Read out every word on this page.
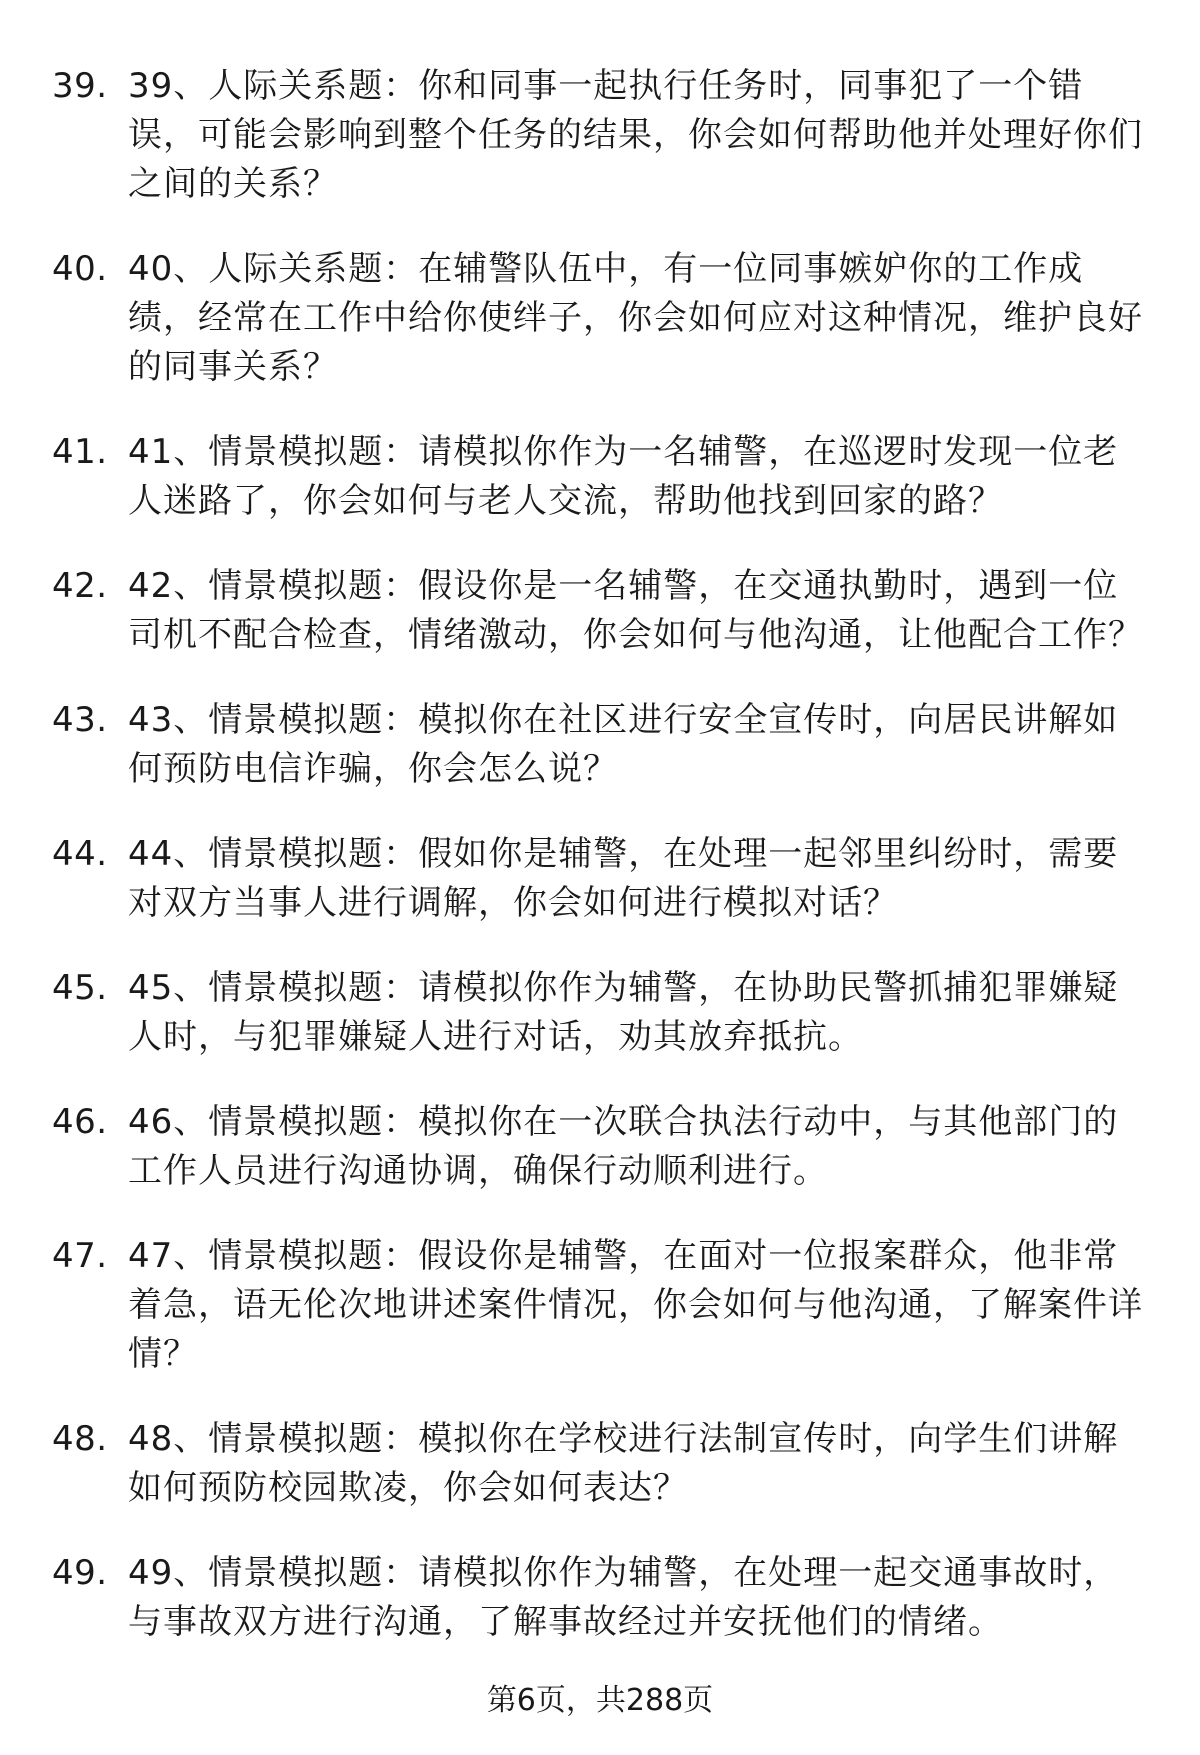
39. 39、人际关系题：你和同事一起执行任务时，同事犯了一个错误，可能会影响到整个任务的结果，你会如何帮助他并处理好你们之间的关系？
40. 40、人际关系题：在辅警队伍中，有一位同事嫉妒你的工作成绩，经常在工作中给你使绊子，你会如何应对这种情况，维护良好的同事关系？
41. 41、情景模拟题：请模拟你作为一名辅警，在巡逻时发现一位老人迷路了，你会如何与老人交流，帮助他找到回家的路？
42. 42、情景模拟题：假设你是一名辅警，在交通执勤时，遇到一位司机不配合检查，情绪激动，你会如何与他沟通，让他配合工作？
43. 43、情景模拟题：模拟你在社区进行安全宣传时，向居民讲解如何预防电信诈骗，你会怎么说？
44. 44、情景模拟题：假如你是辅警，在处理一起邻里纠纷时，需要对双方当事人进行调解，你会如何进行模拟对话？
45. 45、情景模拟题：请模拟你作为辅警，在协助民警抓捕犯罪嫌疑人时，与犯罪嫌疑人进行对话，劝其放弃抵抗。
46. 46、情景模拟题：模拟你在一次联合执法行动中，与其他部门的工作人员进行沟通协调，确保行动顺利进行。
47. 47、情景模拟题：假设你是辅警，在面对一位报案群众，他非常着急，语无伦次地讲述案件情况，你会如何与他沟通，了解案件详情？
48. 48、情景模拟题：模拟你在学校进行法制宣传时，向学生们讲解如何预防校园欺凌，你会如何表达？
49. 49、情景模拟题：请模拟你作为辅警，在处理一起交通事故时，与事故双方进行沟通，了解事故经过并安抚他们的情绪。
第6页，共288页
